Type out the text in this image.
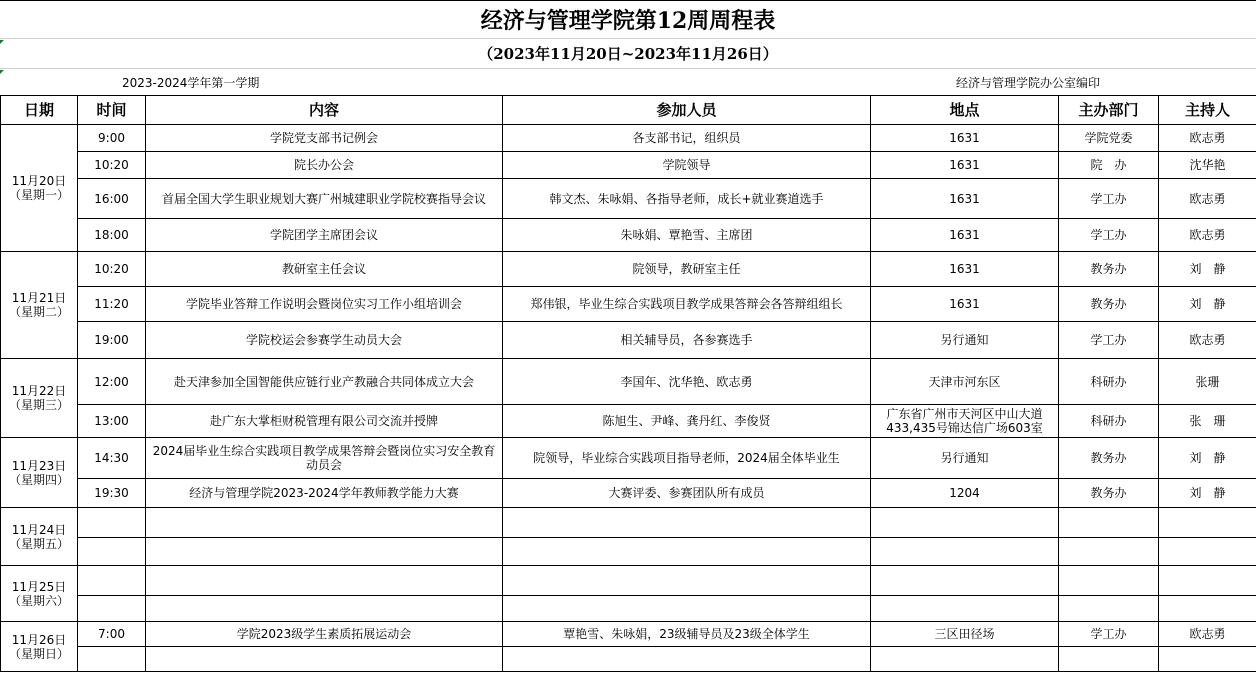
经济与管理学院第12周周程表
（2023年11月20日~2023年11月26日）
2023-2024学年第一学期	经济与管理学院办公室编印
日期	时间	内容	参加人员	地点	主办部门	主持人

11月20日
（星期一）	9:00	学院党支部书记例会	各支部书记，组织员	1631	学院党委	欧志勇
	10:20	院长办公会	学院领导	1631	院　办	沈华艳
	16:00	首届全国大学生职业规划大赛广州城建职业学院校赛指导会议	韩文杰、朱咏娟、各指导老师，成长+就业赛道选手	1631	学工办	欧志勇
	18:00	学院团学主席团会议	朱咏娟、覃艳雪、主席团	1631	学工办	欧志勇

11月21日
（星期二）	10:20	教研室主任会议	院领导，教研室主任	1631	教务办	刘　静
	11:20	学院毕业答辩工作说明会暨岗位实习工作小组培训会	郑伟银，毕业生综合实践项目教学成果答辩会各答辩组组长	1631	教务办	刘　静
	19:00	学院校运会参赛学生动员大会	相关辅导员，各参赛选手	另行通知	学工办	欧志勇

11月22日
（星期三）	12:00	赴天津参加全国智能供应链行业产教融合共同体成立大会	李国年、沈华艳、欧志勇	天津市河东区	科研办	张珊
	13:00	赴广东大掌柜财税管理有限公司交流并授牌	陈旭生、尹峰、龚丹红、李俊贤	广东省广州市天河区中山大道433,435号锦达信广场603室	科研办	张　珊

11月23日
（星期四）	14:30	2024届毕业生综合实践项目教学成果答辩会暨岗位实习安全教育动员会	院领导，毕业综合实践项目指导老师，2024届全体毕业生	另行通知	教务办	刘　静
	19:30	经济与管理学院2023-2024学年教师教学能力大赛	大赛评委、参赛团队所有成员	1204	教务办	刘　静

11月24日
（星期五）						

11月25日
（星期六）						

11月26日
（星期日）	7:00	学院2023级学生素质拓展运动会	覃艳雪、朱咏娟，23级辅导员及23级全体学生	三区田径场	学工办	欧志勇
